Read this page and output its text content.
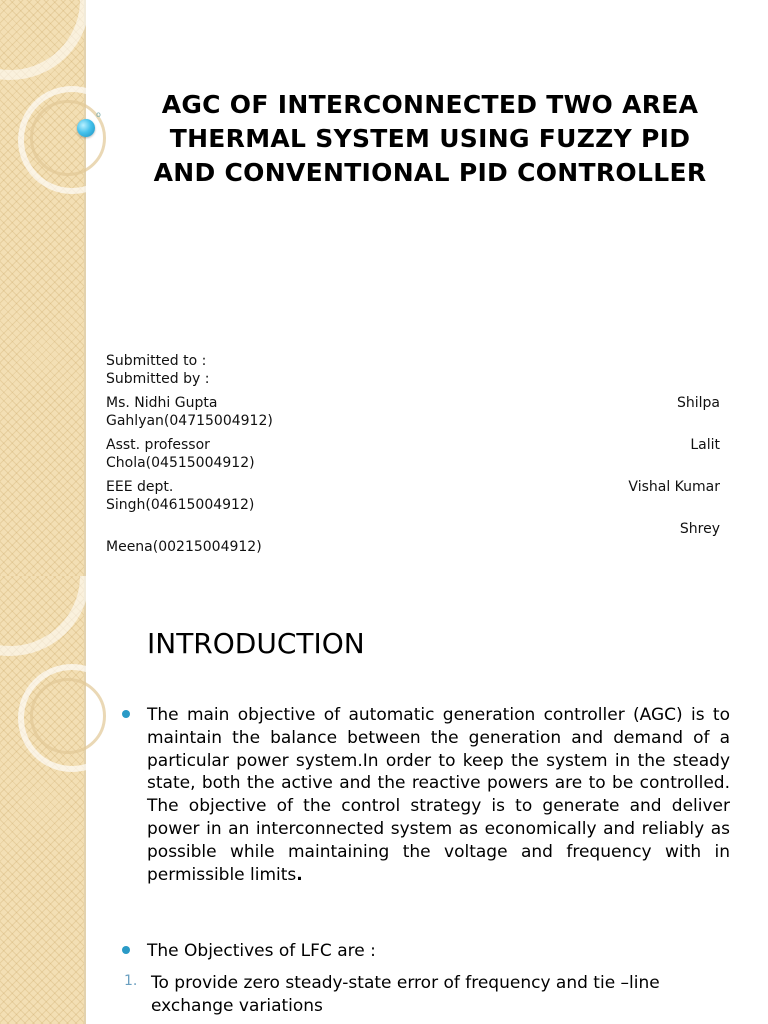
o	AGC OF INTERCONNECTED TWO AREA THERMAL SYSTEM USING FUZZY PID AND CONVENTIONAL PID CONTROLLER
Submitted to :
Submitted by :
Ms. Nidhi Gupta	Shilpa
Gahlyan(04715004912)
Asst. professor	Lalit
Chola(04515004912)
EEE dept.	Vishal Kumar
Singh(04615004912)
Shrey
Meena(00215004912)
INTRODUCTION
The main objective of automatic generation controller (AGC) is to maintain the balance between the generation and demand of a particular power system.In order to keep the system in the steady state, both the active and the reactive powers are to be controlled. The objective of the control strategy is to generate and deliver power in an interconnected system as economically and reliably as possible while maintaining the voltage and frequency with in permissible limits.
The Objectives of LFC are :
1. To provide zero steady-state error of frequency and tie –line exchange variations
